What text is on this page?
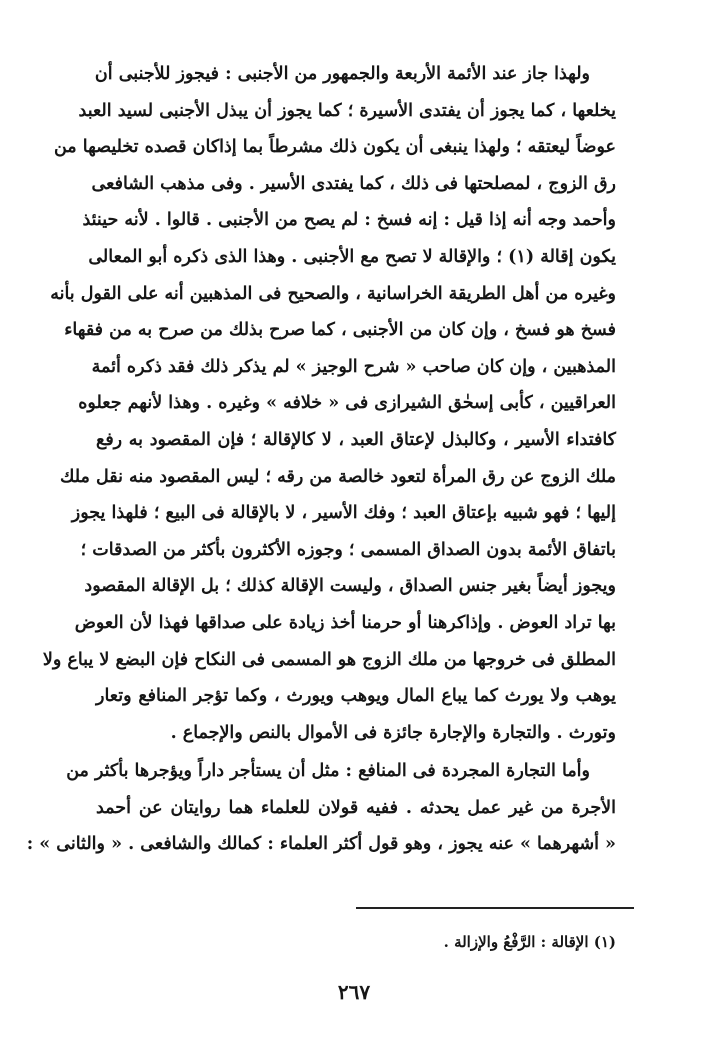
ولهذا جاز عند الأئمة الأربعة والجمهور من الأجنبى : فيجوز للأجنبى أن
يخلعها ، كما يجوز أن يفتدى الأسيرة ؛ كما يجوز أن يبذل الأجنبى لسيد العبد
عوضاً ليعتقه ؛ ولهذا ينبغى أن يكون ذلك مشرطاً بما إذاكان قصده تخليصها من
رق الزوج ، لمصلحتها فى ذلك ، كما يفتدى الأسير . وفى مذهب الشافعى
وأحمد وجه أنه إذا قيل : إنه فسخ : لم يصح من الأجنبى . قالوا . لأنه حينئذ
يكون إقالة (١) ؛ والإقالة لا تصح مع الأجنبى . وهذا الذى ذكره أبو المعالى
وغيره من أهل الطريقة الخراسانية ، والصحيح فى المذهبين أنه على القول بأنه
فسخ هو فسخ ، وإن كان من الأجنبى ، كما صرح بذلك من صرح به من فقهاء
المذهبين ، وإن كان صاحب « شرح الوجيز » لم يذكر ذلك فقد ذكره أئمة
العراقيين ، كأبى إسحٰق الشيرازى فى « خلافه » وغيره . وهذا لأنهم جعلوه
كافتداء الأسير ، وكالبذل لإعتاق العبد ، لا كالإقالة ؛ فإن المقصود به رفع
ملك الزوج عن رق المرأة لتعود خالصة من رقه ؛ ليس المقصود منه نقل ملك
إليها ؛ فهو شبيه بإعتاق العبد ؛ وفك الأسير ، لا بالإقالة فى البيع ؛ فلهذا يجوز
باتفاق الأئمة بدون الصداق المسمى ؛ وجوزه الأكثرون بأكثر من الصدقات ؛
ويجوز أيضاً بغير جنس الصداق ، وليست الإقالة كذلك ؛ بل الإقالة المقصود
بها تراد العوض . وإذاكرهنا أو حرمنا أخذ زيادة على صداقها فهذا لأن العوض
المطلق فى خروجها من ملك الزوج هو المسمى فى النكاح فإن البضع لا يباع ولا
يوهب ولا يورث كما يباع المال ويوهب ويورث ، وكما تؤجر المنافع وتعار
وتورث . والتجارة والإجارة جائزة فى الأموال بالنص والإجماع .
وأما التجارة المجردة فى المنافع : مثل أن يستأجر داراً ويؤجرها بأكثر من
الأجرة من غير عمل يحدثه . ففيه قولان للعلماء هما روايتان عن أحمد
« أشهرهما » عنه يجوز ، وهو قول أكثر العلماء : كمالك والشافعى . « والثانى » :
(١) الإقالة : الرَّفْعُ والإزالة .
٢٦٧
